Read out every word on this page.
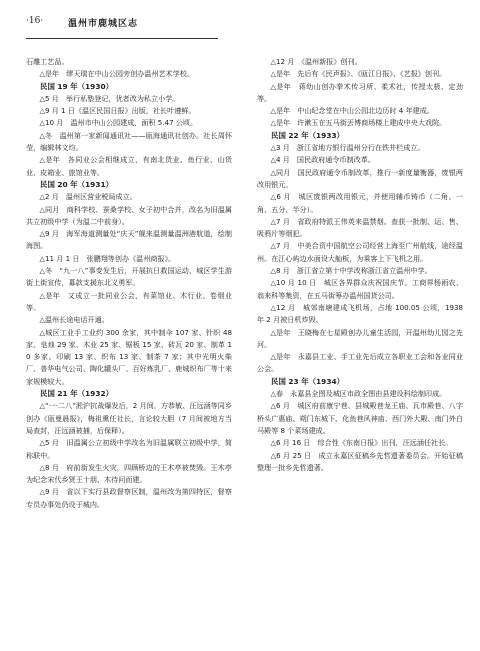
·16·	温州市鹿城区志

石雕工艺品。

△是年　缪天瑞在中山公园旁创办温州艺术学校。

民国 19 年（1930）

△5 月　举行私塾登记，优者改为私立小学。

△9 月 1 日《温区民国日报》出版，社长叶遵鲜。

△10 月　温州市中山公园建成，面积 5.47 公顷。

△冬　温州第一家新闻通讯社——瓯海通讯社创办。社长周怀莹，编辑林文均。

△是年　各同业公会相继成立，有南北货业、鱼行业、山货业、皮箱业、旅馆业等。

民国 20 年（1931）

△2 月　温州区营业税局成立。

△同月　商科学校、蚕桑学校、女子初中合并，改名为旧温属共立初级中学（为温二中前身）。

△9 月　海军海道测量处“庆天”舰来温测量温洲港航道，绘制海图。

△11 月 1 日　张鹏翔等创办《温州商报》。

△冬　“九一八”事变发生后，开展抗日救国运动，城区学生游街上街宣传，募款支援东北义勇军。

△是年　又成立一批同业公会，有菜馆业、木行业、卷烟业等。

△温州长途电话开通。

△城区工业手工业约 300 余家，其中制伞 107 家、针织 48 家、皂烛 29 家、木业 25 家、锯板 15 家、砖瓦 20 家、制革 10 多家、印刷 13 家、织布 13 家、制茶 7 家；其中光明火柴厂、普华电气公司、陶化罐头厂、百好炼乳厂、鹿城织布厂等十来家规模较大。

民国 21 年（1932）

△“一·二八”淞沪抗战爆发后，2 月间，方恭敏、汪远涵等同乡创办《瓯曼晨报》，梅祖熏任社长，言论较大胆（7 月间被地方当局查封，汪远涵被捕，后保释）。

△5 月　旧温属公立初级中学改名为旧温属联立初级中学，简称联中。

△8 月　府前街发生火灾，四顾桥边的王木亭被焚毁。王木亭为纪念宋代乡贤王十朋、木待问而建。

△9 月　省以下实行县政督察区制，温州改为第四特区，督察专员办事处仍设于城内。

△12 月　《温州新报》创刊。

△是年　先后有《民声报》、《瓯江日报》、《艺报》创刊。

△是年　蒋幼山创办拳术传习所、柔术社，传授太极、定劲等。

△是年　中山纪念堂在中山公园北边历时 4 年建成。

△是年　许漱玉在五马街丟博商场楼上建成中央大戏院。

民国 22 年（1933）

△3 月　浙江省地方银行温州分行在铁井栏成立。

△4 月　国民政府通令币制改革。

△同月　国民政府通令币制改革，推行一新度量衡器，废银两改用银元。

△6 月　城区废银两改用银元，并使用辅币铸币（二角、一角、五分、半分）。

△7 月　省政府特派王伟英来温禁烟。查获一批制、运、售、吸鸦片等烟犯。

△7 月　中美合资中国航空公司经营上海至广州航线，途经温州。在江心屿边水面设大舢板，为乘客上下飞机之用。

△8 月　浙江省立第十中学改称浙江省立温州中学。

△10 月 10 日　城区各界群众庆祝国庆节。工商界杨雨农、翁来科等集资，在五马街筹办温州国货公司。

△12 月　城郊南塘建成飞机场，占地 100.05 公顷，1938 年 2 月被日机炸毁。

△是年　王晓梅在七星殿创办儿童生活园，开温州幼儿园之先河。

△是年　永嘉县工业、手工业先后成立各职业工会和各业同业公会。

民国 23 年（1934）

△春　永嘉县全图及城区市政全图由县建设科绘制印成。

△6 月　城区府前康宁巷、县城殿巷龙王庙、瓦市殿巷、八字桥头广惠庙、朔门东城下、化鱼巷风神庙、西门外大殿、南门外白马殿等 8 个菜场建成。

△6 月 16 日　综合性《东南日报》出刊，汪远涵任社长。

△6 月 25 日　成立永嘉区征稿乡先哲遗著委员会。开始征稿整理一批乡先哲遗著。
